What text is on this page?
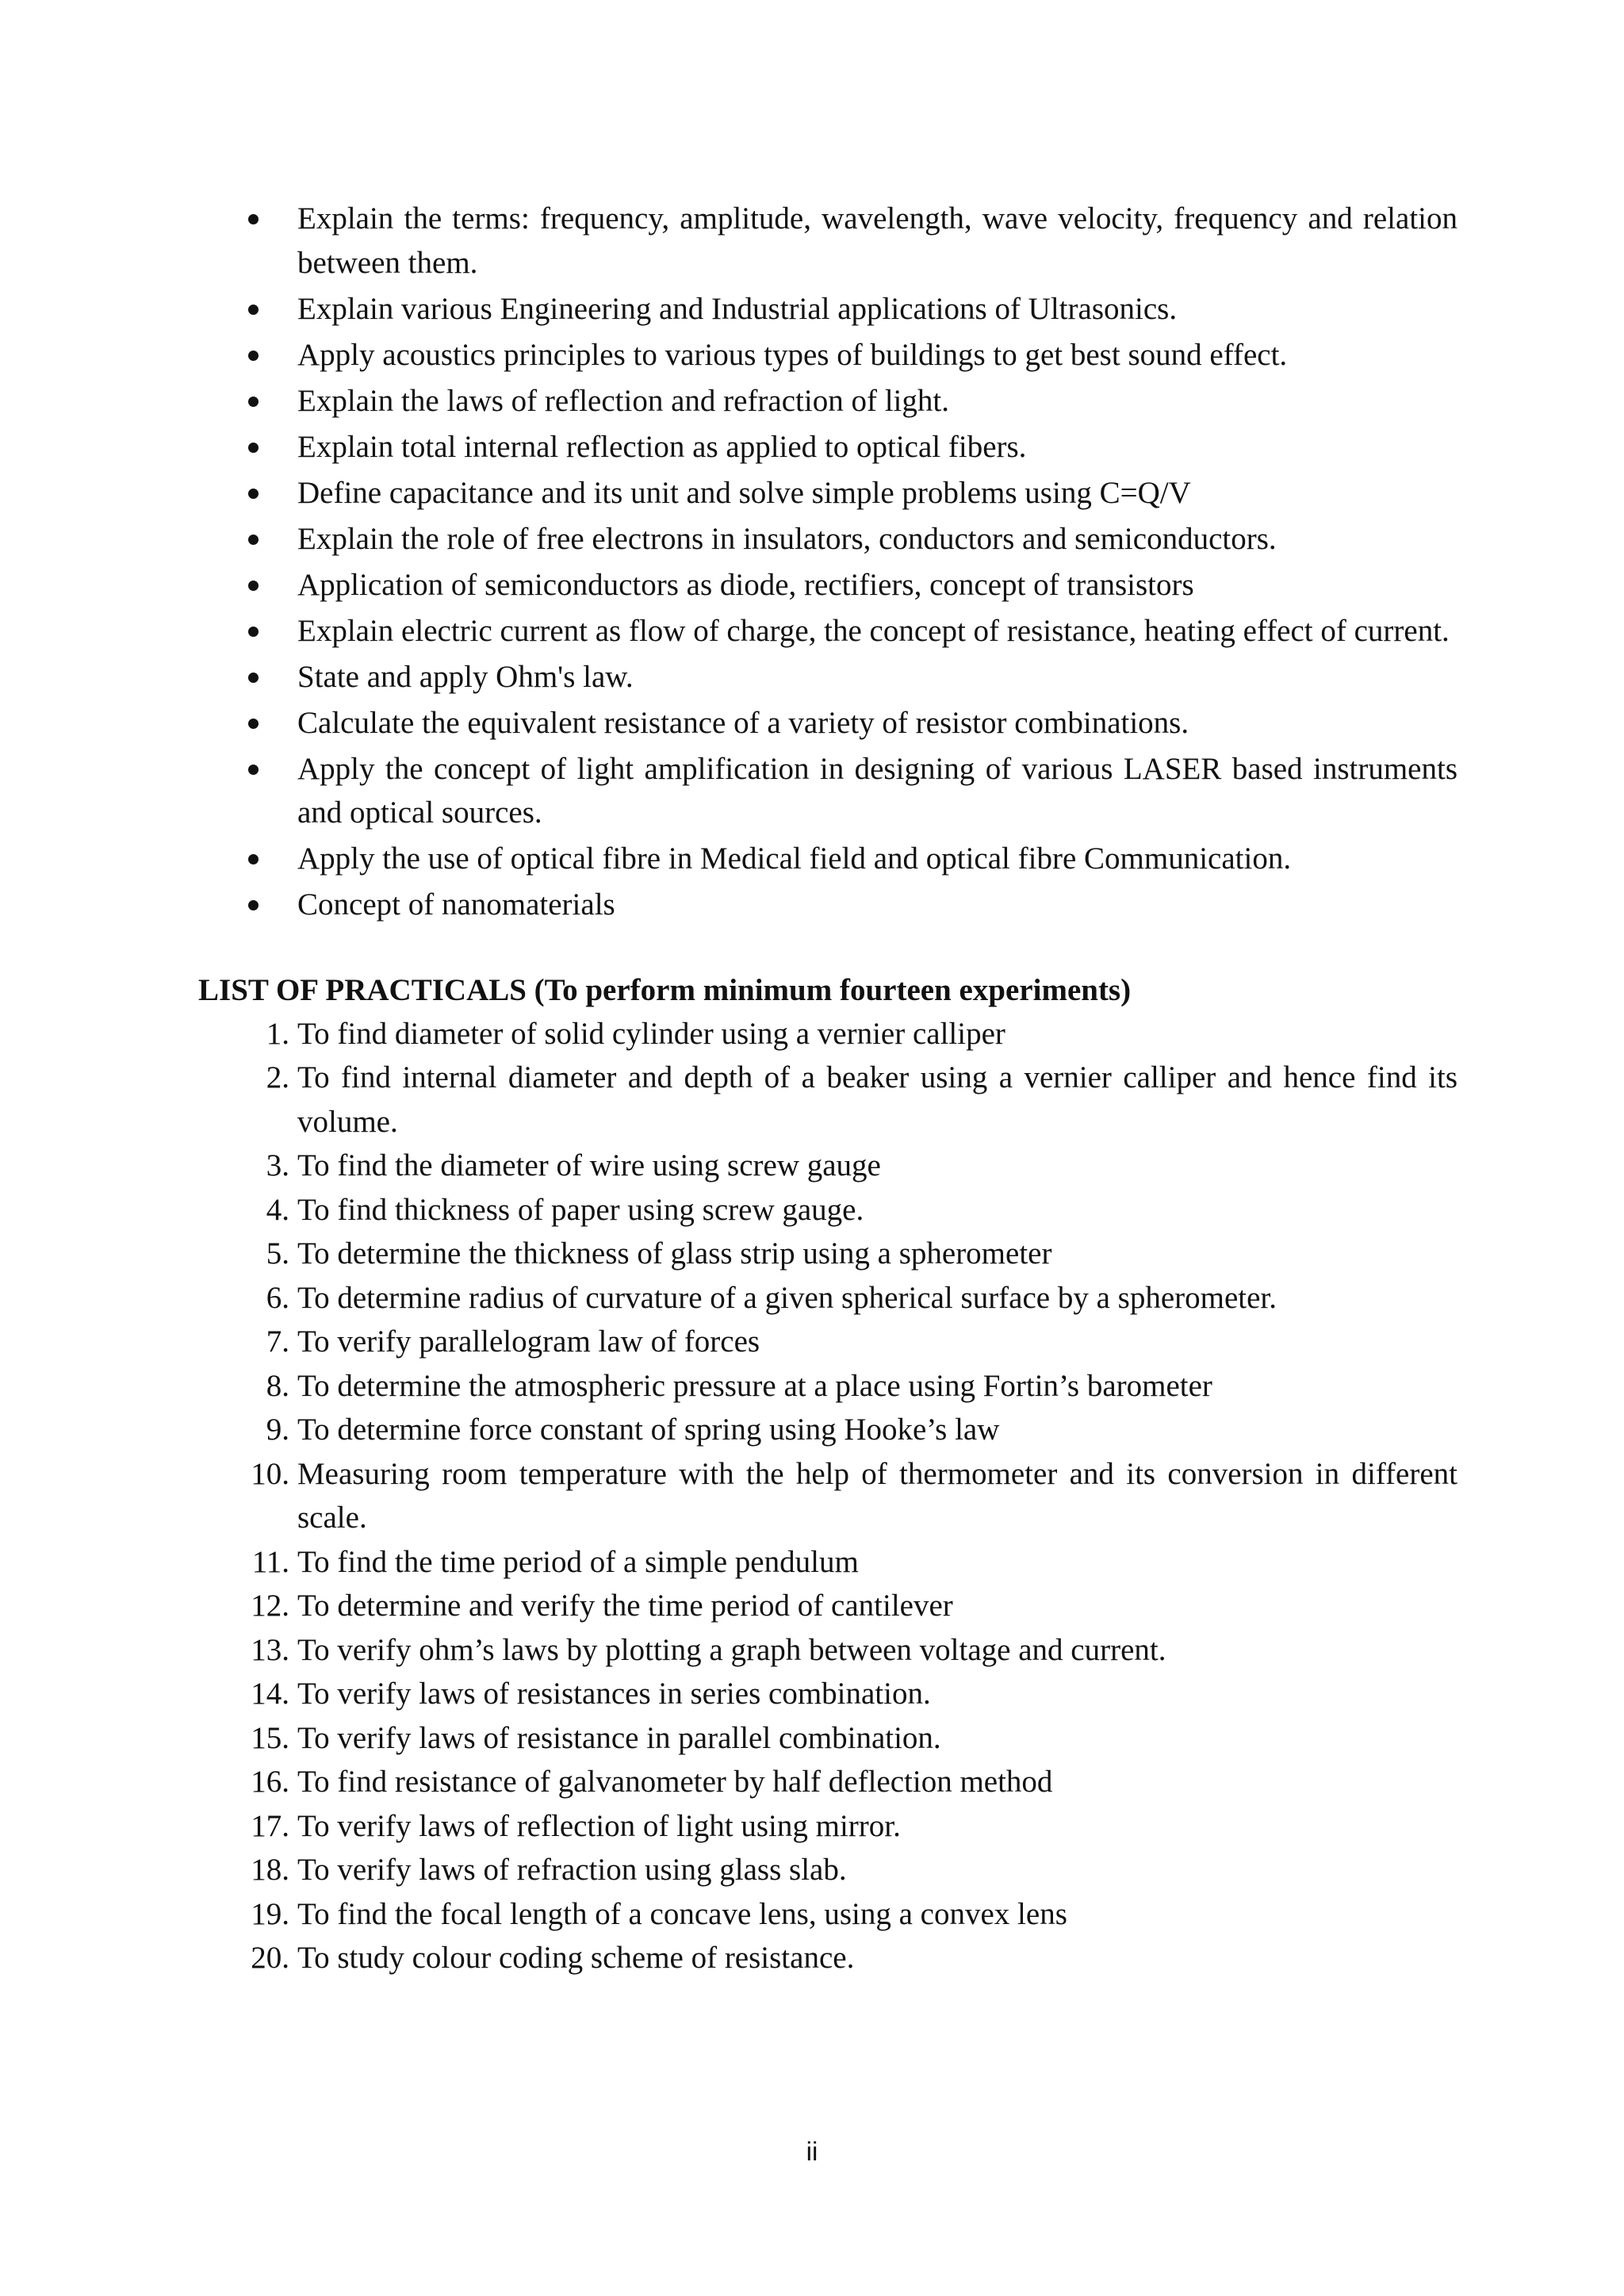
Explain the terms: frequency, amplitude, wavelength, wave velocity, frequency and relation between them.
Explain various Engineering and Industrial applications of Ultrasonics.
Apply acoustics principles to various types of buildings to get best sound effect.
Explain the laws of reflection and refraction of light.
Explain total internal reflection as applied to optical fibers.
Define capacitance and its unit and solve simple problems using C=Q/V
Explain the role of free electrons in insulators, conductors and semiconductors.
Application of semiconductors as diode, rectifiers, concept of transistors
Explain electric current as flow of charge, the concept of resistance, heating effect of current.
State and apply Ohm's law.
Calculate the equivalent resistance of a variety of resistor combinations.
Apply the concept of light amplification in designing of various LASER based instruments and optical sources.
Apply the use of optical fibre in Medical field and optical fibre Communication.
Concept of nanomaterials
LIST OF PRACTICALS (To perform minimum fourteen experiments)
1. To find diameter of solid cylinder using a vernier calliper
2. To find internal diameter and depth of a beaker using a vernier calliper and hence find its volume.
3. To find the diameter of wire using screw gauge
4. To find thickness of paper using screw gauge.
5. To determine the thickness of glass strip using a spherometer
6. To determine radius of curvature of a given spherical surface by a spherometer.
7. To verify parallelogram law of forces
8. To determine the atmospheric pressure at a place using Fortin’s barometer
9. To determine force constant of spring using Hooke’s law
10. Measuring room temperature with the help of thermometer and its conversion in different scale.
11. To find the time period of a simple pendulum
12. To determine and verify the time period of cantilever
13. To verify ohm’s laws by plotting a graph between voltage and current.
14. To verify laws of resistances in series combination.
15. To verify laws of resistance in parallel combination.
16. To find resistance of galvanometer by half deflection method
17. To verify laws of reflection of light using mirror.
18. To verify laws of refraction using glass slab.
19. To find the focal length of a concave lens, using a convex lens
20. To study colour coding scheme of resistance.
ii
